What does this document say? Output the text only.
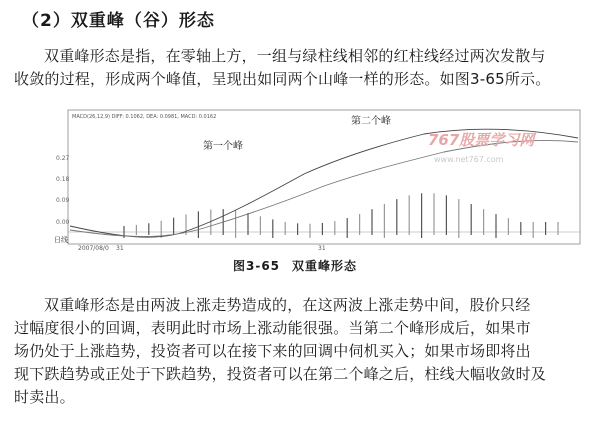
（2）双重峰（谷）形态
双重峰形态是指，在零轴上方，一组与绿柱线相邻的红柱线经过两次发散与
收敛的过程，形成两个峰值，呈现出如同两个山峰一样的形态。如图3-65所示。
MACD(26,12,9) DIFF: 0.1062, DEA: 0.0981, MACD: 0.0162
0.27
0.18
0.09
0.00
第一个峰
第二个峰
767股票学习网
www.net767.com
日线
2007/08/0 31	31
图3-65 双重峰形态
双重峰形态是由两波上涨走势造成的，在这两波上涨走势中间，股价只经
过幅度很小的回调，表明此时市场上涨动能很强。当第二个峰形成后，如果市
场仍处于上涨趋势，投资者可以在接下来的回调中伺机买入；如果市场即将出
现下跌趋势或正处于下跌趋势，投资者可以在第二个峰之后，柱线大幅收敛时及
时卖出。
